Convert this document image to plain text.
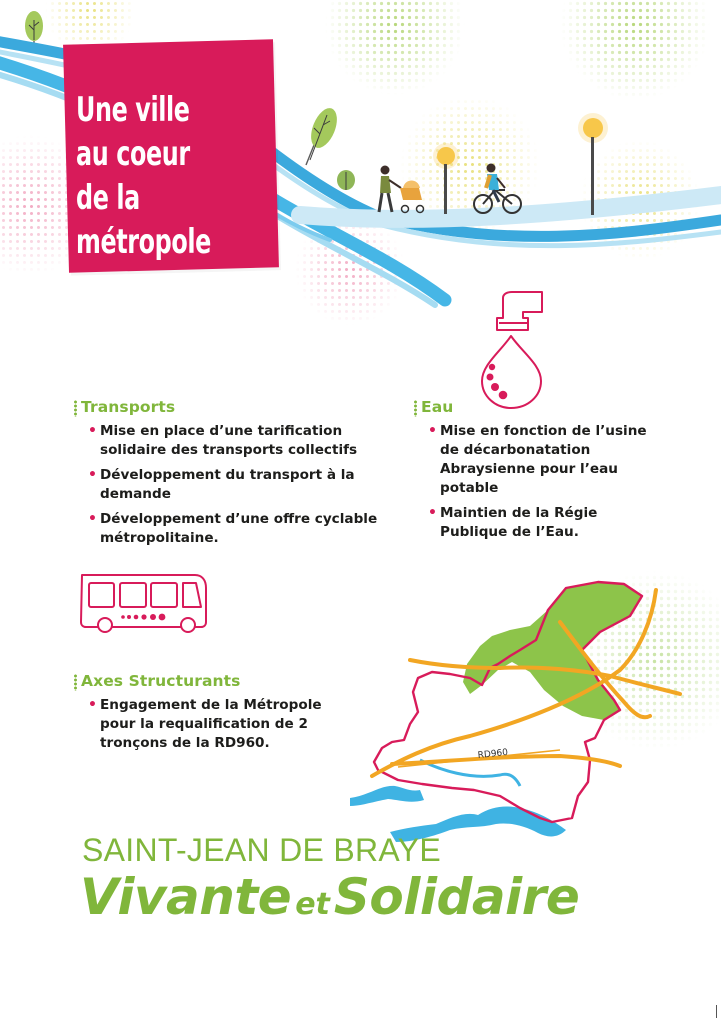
RD960
Une ville
au coeur
de la
métropole
Transports
• Mise en place d’une tarification solidaire des transports collectifs
• Développement du transport à la demande
• Développement d’une offre cyclable métropolitaine.
Eau
• Mise en fonction de l’usine de décarbonatation Abraysienne pour l’eau potable
• Maintien de la Régie Publique de l’Eau.
Axes Structurants
• Engagement de la Métropole pour la requalification de 2 tronçons de la RD960.
SAINT-JEAN DE BRAYE
Vivante etSolidaire
